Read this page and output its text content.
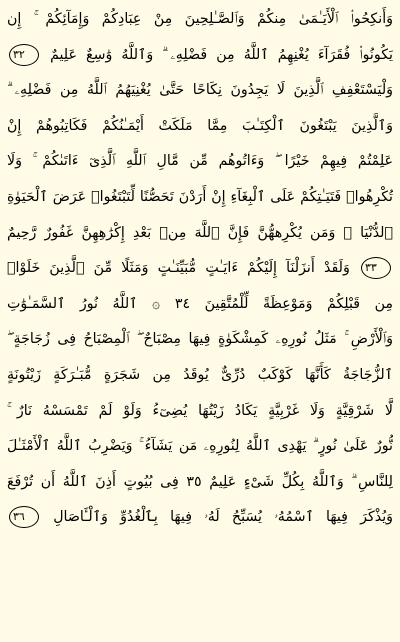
وَأَنكِحُوا۟ ٱلْأَيَـٰمَىٰ مِنكُمْ وَٱلصَّـٰلِحِينَ مِنْ عِبَادِكُمْ وَإِمَآئِكُمْ ۚ إِن
يَكُونُوا۟ فُقَرَآءَ يُغْنِهِمُ ٱللَّهُ مِن فَضْلِهِۦ ۗ وَٱللَّهُ وَٰسِعٌ عَلِيمٌ ٣٢
وَلْيَسْتَعْفِفِ ٱلَّذِينَ لَا يَجِدُونَ نِكَاحًا حَتَّىٰ يُغْنِيَهُمُ ٱللَّهُ مِن فَضْلِهِۦ ۗ
وَٱلَّذِينَ يَبْتَغُونَ ٱلْكِتَـٰبَ مِمَّا مَلَكَتْ أَيْمَـٰنُكُمْ فَكَاتِبُوهُمْ إِنْ
عَلِمْتُمْ فِيهِمْ خَيْرًا ۖ وَءَاتُوهُم مِّن مَّالِ ٱللَّهِ ٱلَّذِىٓ ءَاتَىٰكُمْ ۚ وَلَا
تُكْرِهُوا۟ فَتَيَـٰتِكُمْ عَلَى ٱلْبِغَآءِ إِنْ أَرَدْنَ تَحَصُّنًا لِّتَبْتَغُوا۟ عَرَضَ ٱلْحَيَوٰةِ
ٱلدُّنْيَا ۚ وَمَن يُكْرِههُّنَّ فَإِنَّ ٱللَّهَ مِنۢ بَعْدِ إِكْرَٰهِهِنَّ غَفُورٌ رَّحِيمٌ
٣٣ وَلَقَدْ أَنزَلْنَآ إِلَيْكُمْ ءَايَـٰتٍ مُّبَيِّنَـٰتٍ وَمَثَلًا مِّنَ ٱلَّذِينَ خَلَوْا۟
مِن قَبْلِكُمْ وَمَوْعِظَةً لِّلْمُتَّقِينَ ٣٤ ۞ ٱللَّهُ نُورُ ٱلسَّمَـٰوَٰتِ
وَٱلْأَرْضِ ۚ مَثَلُ نُورِهِۦ كَمِشْكَوٰةٍ فِيهَا مِصْبَاحٌ ۖ ٱلْمِصْبَاحُ فِى زُجَاجَةٍ ۖ
ٱلزُّجَاجَةُ كَأَنَّهَا كَوْكَبٌ دُرِّىٌّ يُوقَدُ مِن شَجَرَةٍ مُّبَـٰرَكَةٍ زَيْتُونَةٍ
لَّا شَرْقِيَّةٍ وَلَا غَرْبِيَّةٍ يَكَادُ زَيْتُهَا يُضِىٓءُ وَلَوْ لَمْ تَمْسَسْهُ نَارٌ ۚ
نُّورٌ عَلَىٰ نُورٍ ۗ يَهْدِى ٱللَّهُ لِنُورِهِۦ مَن يَشَآءُ ۚ وَيَضْرِبُ ٱللَّهُ ٱلْأَمْثَـٰلَ
لِلنَّاسِ ۗ وَٱللَّهُ بِكُلِّ شَىْءٍ عَلِيمٌ ٣٥ فِى بُيُوتٍ أَذِنَ ٱللَّهُ أَن تُرْفَعَ
وَيُذْكَرَ فِيهَا ٱسْمُهُۥ يُسَبِّحُ لَهُۥ فِيهَا بِٱلْغُدُوِّ وَٱلْـَٔاصَالِ ٣٦
